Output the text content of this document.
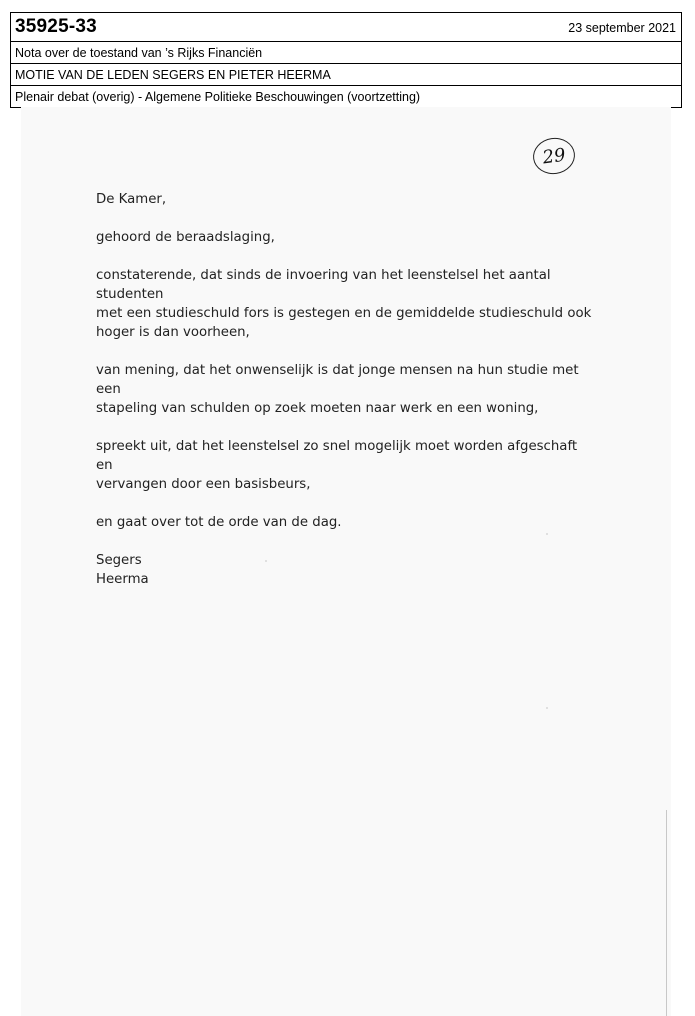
35925-33	23 september 2021
Nota over de toestand van ’s Rijks Financiën
MOTIE VAN DE LEDEN SEGERS EN PIETER HEERMA
Plenair debat (overig) - Algemene Politieke Beschouwingen (voortzetting)
29

De Kamer,

gehoord de beraadslaging,

constaterende, dat sinds de invoering van het leenstelsel het aantal studenten

met een studieschuld fors is gestegen en de gemiddelde studieschuld ook

hoger is dan voorheen,

van mening, dat het onwenselijk is dat jonge mensen na hun studie met een

stapeling van schulden op zoek moeten naar werk en een woning,

spreekt uit, dat het leenstelsel zo snel mogelijk moet worden afgeschaft en

vervangen door een basisbeurs,

en gaat over tot de orde van de dag.

Segers

Heerma
